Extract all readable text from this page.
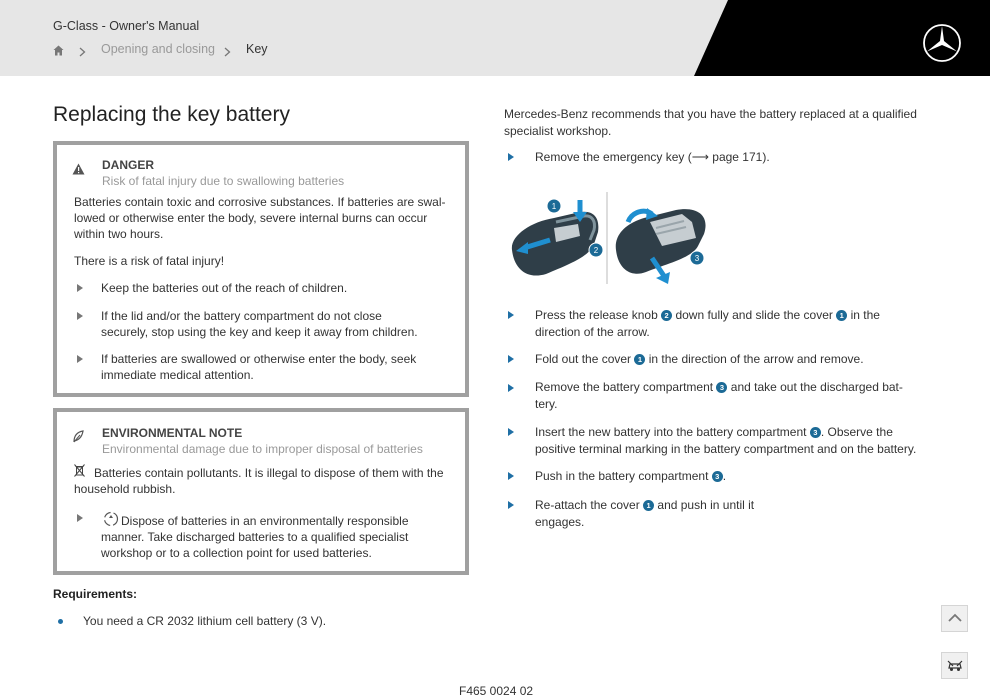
G-Class - Owner's Manual
Opening and closing Key
Replacing the key battery
DANGER
Risk of fatal injury due to swallowing batteries
Batteries contain toxic and corrosive substances. If batteries are swal-
lowed or otherwise enter the body, severe internal burns can occur
within two hours.
There is a risk of fatal injury!
Keep the batteries out of the reach of children.
If the lid and/or the battery compartment do not close
securely, stop using the key and keep it away from children.
If batteries are swallowed or otherwise enter the body, seek
immediate medical attention.
ENVIRONMENTAL NOTE
Environmental damage due to improper disposal of batteries
Batteries contain pollutants. It is illegal to dispose of them with the
household rubbish.
Dispose of batteries in an environmentally responsible
manner. Take discharged batteries to a qualified specialist
workshop or to a collection point for used batteries.
Requirements:
You need a CR 2032 lithium cell battery (3 V).
Mercedes-Benz recommends that you have the battery replaced at a qualified
specialist workshop.
Remove the emergency key (⟶ page 171).
1
2
3
Press the release knob 2 down fully and slide the cover 1 in the
direction of the arrow.
Fold out the cover 1 in the direction of the arrow and remove.
Remove the battery compartment 3 and take out the discharged bat-
tery.
Insert the new battery into the battery compartment 3 . Observe the
positive terminal marking in the battery compartment and on the battery.
Push in the battery compartment 3 .
Re-attach the cover 1 and push in until it
engages.
F465 0024 02
